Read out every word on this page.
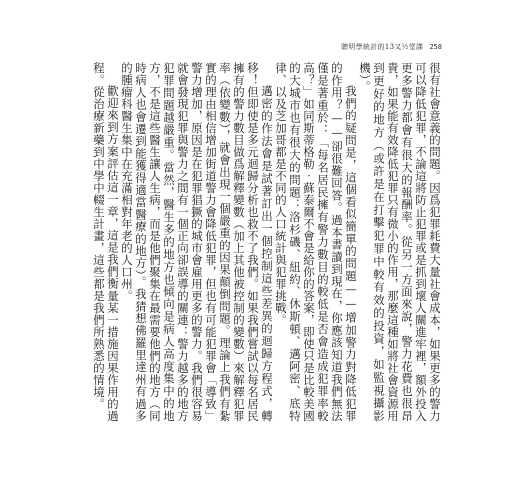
聰明學統計的13又½堂課 258

很有社會意義的問題。因爲犯罪耗費大量社會成本，如果更多的警力可以降低犯罪，不論這將防止犯罪或是抓到壞人關進牢裡，額外投入更多警力都會有很大的報酬率。從另一方面來說，警力花費也很昂貴，如果能有效降低犯罪只有微小的作用，那麼這種如將社會資源用到更好的地方（或許是在打擊犯罪中較有效的投資，如監視攝影機）。

我們的疑問是，這個看似簡單的問題——增加警力對降低犯罪的作用？——卻很難回答。過本書讀到現在，你應該知道我們無法僅是著重於：「每名居民擁有警力數目的較低是否會造成犯罪率較高？」如同斯蒂格勒‧蘇泰爾不會是給你的答案，即使只是比較美國的大城市也有很大的問題：洛杉磯、紐約、休斯頓、邁阿密、底特律、以及芝加哥都是不同的人口統計與犯罪挑戰。

邁密的作法會是試著訂出一個控制這些差異的迴歸方程式，轉移！但即使是多元迴歸分析也救不了我們。如果我們嘗試以每名居民擁有的警力數目做爲解釋變數（加上其他被控制的變數）來解釋犯罪率（依變數），就會出現一個嚴重的因果顛倒問題。理論上我們有紮實的理由相信增加街道警力會降低犯罪，但也有可能犯罪會「導致」警力增加，原因是在犯罪猖獗的城市會雇用更多的警力。我們很容易就會發現犯罪與警力之間有一個正向卻誤導的關連：警力越多的地方犯罪問題越嚴重。當然，醫生多的地方也傾向是病人高度集中的地方，不是這些醫生讓人生病，而是他們聚集在最需要他們的地方（同時病人也會遷到能獲得適當醫療的地方）。我猜想佛羅里達州有過多的腫瘤科醫生集中在充滿相對年老的人口州。

歡迎來到方案評估這一章，這是我們衡量某一措施因果作用的過程。從治療新藥到中學中輟生計畫，這些都是我們所熟悉的情境。
